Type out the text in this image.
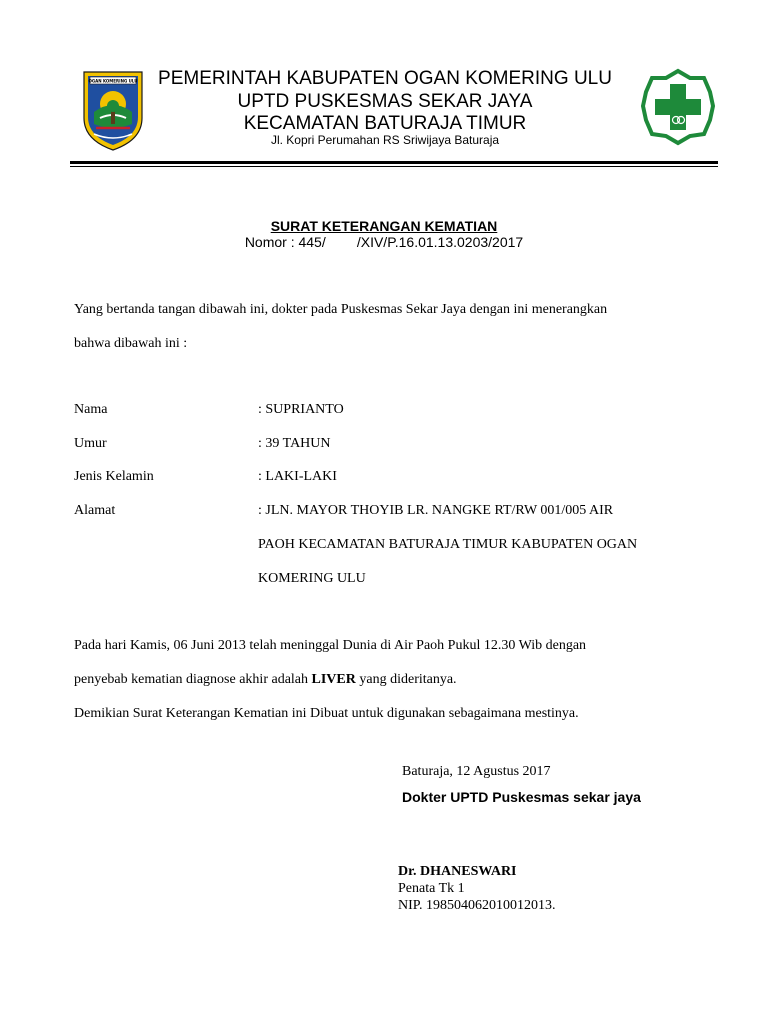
OGAN KOMERING ULU	PEMERINTAH KABUPATEN OGAN KOMERING ULU
UPTD PUSKESMAS SEKAR JAYA
KECAMATAN BATURAJA TIMUR
Jl. Kopri Perumahan RS Sriwijaya Baturaja
SURAT KETERANGAN KEMATIAN
Nomor : 445/        /XIV/P.16.01.13.0203/2017
Yang bertanda tangan dibawah ini, dokter pada Puskesmas Sekar Jaya dengan ini menerangkan
bahwa dibawah ini :
Nama	: SUPRIANTO
Umur	: 39 TAHUN
Jenis Kelamin	: LAKI-LAKI
Alamat	: JLN. MAYOR THOYIB LR. NANGKE RT/RW 001/005 AIR
PAOH KECAMATAN BATURAJA TIMUR KABUPATEN OGAN
KOMERING ULU
Pada hari Kamis, 06 Juni 2013 telah meninggal Dunia di Air Paoh Pukul 12.30 Wib dengan
penyebab kematian diagnose akhir adalah LIVER yang dideritanya.
Demikian Surat Keterangan Kematian ini Dibuat untuk digunakan sebagaimana mestinya.
Baturaja, 12 Agustus 2017
Dokter UPTD Puskesmas sekar jaya
Dr. DHANESWARI
Penata Tk 1
NIP. 198504062010012013.
